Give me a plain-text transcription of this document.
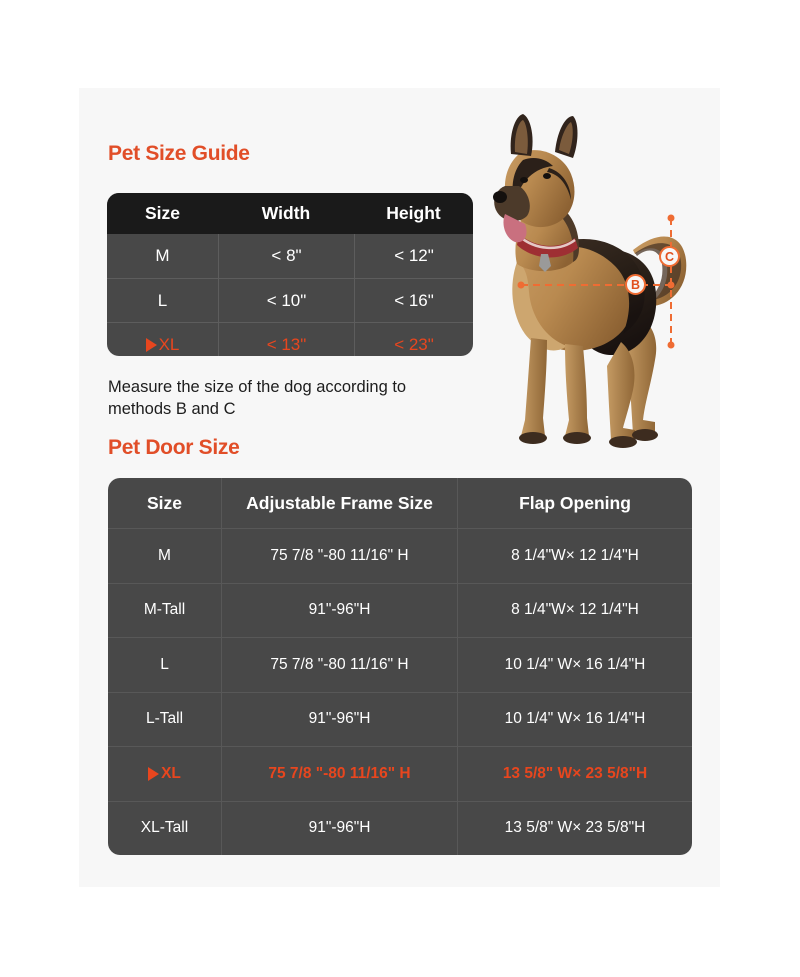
Pet Size Guide
Size	Width	Height
M	< 8"	< 12"
L	< 10"	< 16"
XL	< 13"	< 23"
Measure the size of the dog according to methods B and C
Pet Door Size
Size	Adjustable Frame Size	Flap Opening
M	75 7/8 "-80 11/16" H	8 1/4"W× 12 1/4"H
M-Tall	91"-96"H	8 1/4"W× 12 1/4"H
L	75 7/8 "-80 11/16" H	10 1/4" W× 16 1/4"H
L-Tall	91"-96"H	10 1/4" W× 16 1/4"H
XL	75 7/8 "-80 11/16" H	13 5/8" W× 23 5/8"H
XL-Tall	91"-96"H	13 5/8" W× 23 5/8"H
B
C
